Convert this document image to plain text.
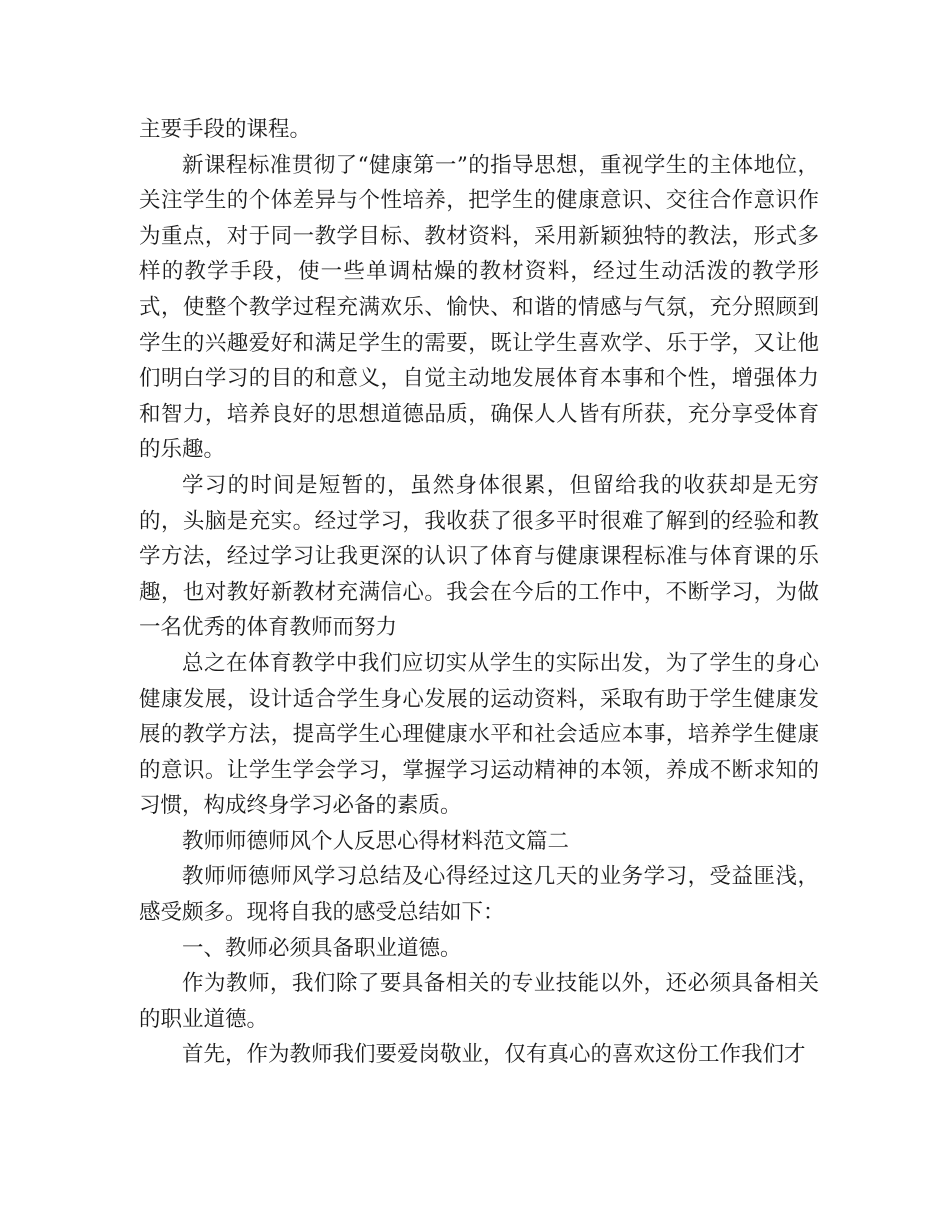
主要手段的课程。

新课程标准贯彻了“健康第一”的指导思想，重视学生的主体地位，关注学生的个体差异与个性培养，把学生的健康意识、交往合作意识作为重点，对于同一教学目标、教材资料，采用新颖独特的教法，形式多样的教学手段，使一些单调枯燥的教材资料，经过生动活泼的教学形式，使整个教学过程充满欢乐、愉快、和谐的情感与气氛，充分照顾到学生的兴趣爱好和满足学生的需要，既让学生喜欢学、乐于学，又让他们明白学习的目的和意义，自觉主动地发展体育本事和个性，增强体力和智力，培养良好的思想道德品质，确保人人皆有所获，充分享受体育的乐趣。

学习的时间是短暂的，虽然身体很累，但留给我的收获却是无穷的，头脑是充实。经过学习，我收获了很多平时很难了解到的经验和教学方法，经过学习让我更深的认识了体育与健康课程标准与体育课的乐趣，也对教好新教材充满信心。我会在今后的工作中，不断学习，为做一名优秀的体育教师而努力

总之在体育教学中我们应切实从学生的实际出发，为了学生的身心健康发展，设计适合学生身心发展的运动资料，采取有助于学生健康发展的教学方法，提高学生心理健康水平和社会适应本事，培养学生健康的意识。让学生学会学习，掌握学习运动精神的本领，养成不断求知的习惯，构成终身学习必备的素质。

教师师德师风个人反思心得材料范文篇二

教师师德师风学习总结及心得经过这几天的业务学习，受益匪浅，感受颇多。现将自我的感受总结如下：

一、教师必须具备职业道德。

作为教师，我们除了要具备相关的专业技能以外，还必须具备相关的职业道德。

首先，作为教师我们要爱岗敬业，仅有真心的喜欢这份工作我们才
